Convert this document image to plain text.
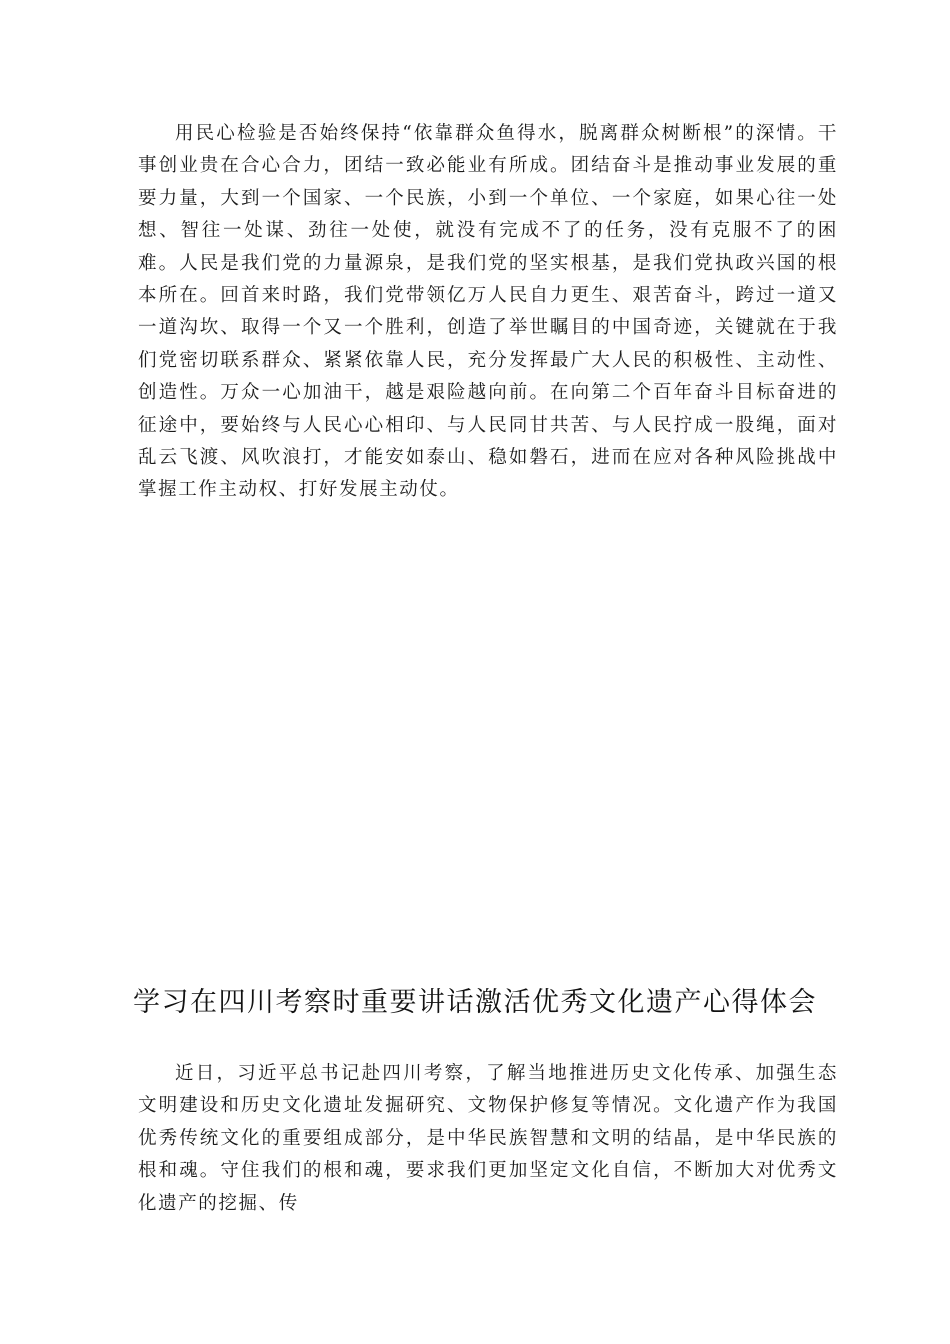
用民心检验是否始终保持“依靠群众鱼得水，脱离群众树断根”的深情。干事创业贵在合心合力，团结一致必能业有所成。团结奋斗是推动事业发展的重要力量，大到一个国家、一个民族，小到一个单位、一个家庭，如果心往一处想、智往一处谋、劲往一处使，就没有完成不了的任务，没有克服不了的困难。人民是我们党的力量源泉，是我们党的坚实根基，是我们党执政兴国的根本所在。回首来时路，我们党带领亿万人民自力更生、艰苦奋斗，跨过一道又一道沟坎、取得一个又一个胜利，创造了举世瞩目的中国奇迹，关键就在于我们党密切联系群众、紧紧依靠人民，充分发挥最广大人民的积极性、主动性、创造性。万众一心加油干，越是艰险越向前。在向第二个百年奋斗目标奋进的征途中，要始终与人民心心相印、与人民同甘共苦、与人民拧成一股绳，面对乱云飞渡、风吹浪打，才能安如泰山、稳如磐石，进而在应对各种风险挑战中掌握工作主动权、打好发展主动仗。

学习在四川考察时重要讲话激活优秀文化遗产心得体会

近日，习近平总书记赴四川考察，了解当地推进历史文化传承、加强生态文明建设和历史文化遗址发掘研究、文物保护修复等情况。文化遗产作为我国优秀传统文化的重要组成部分，是中华民族智慧和文明的结晶，是中华民族的根和魂。守住我们的根和魂，要求我们更加坚定文化自信，不断加大对优秀文化遗产的挖掘、传
